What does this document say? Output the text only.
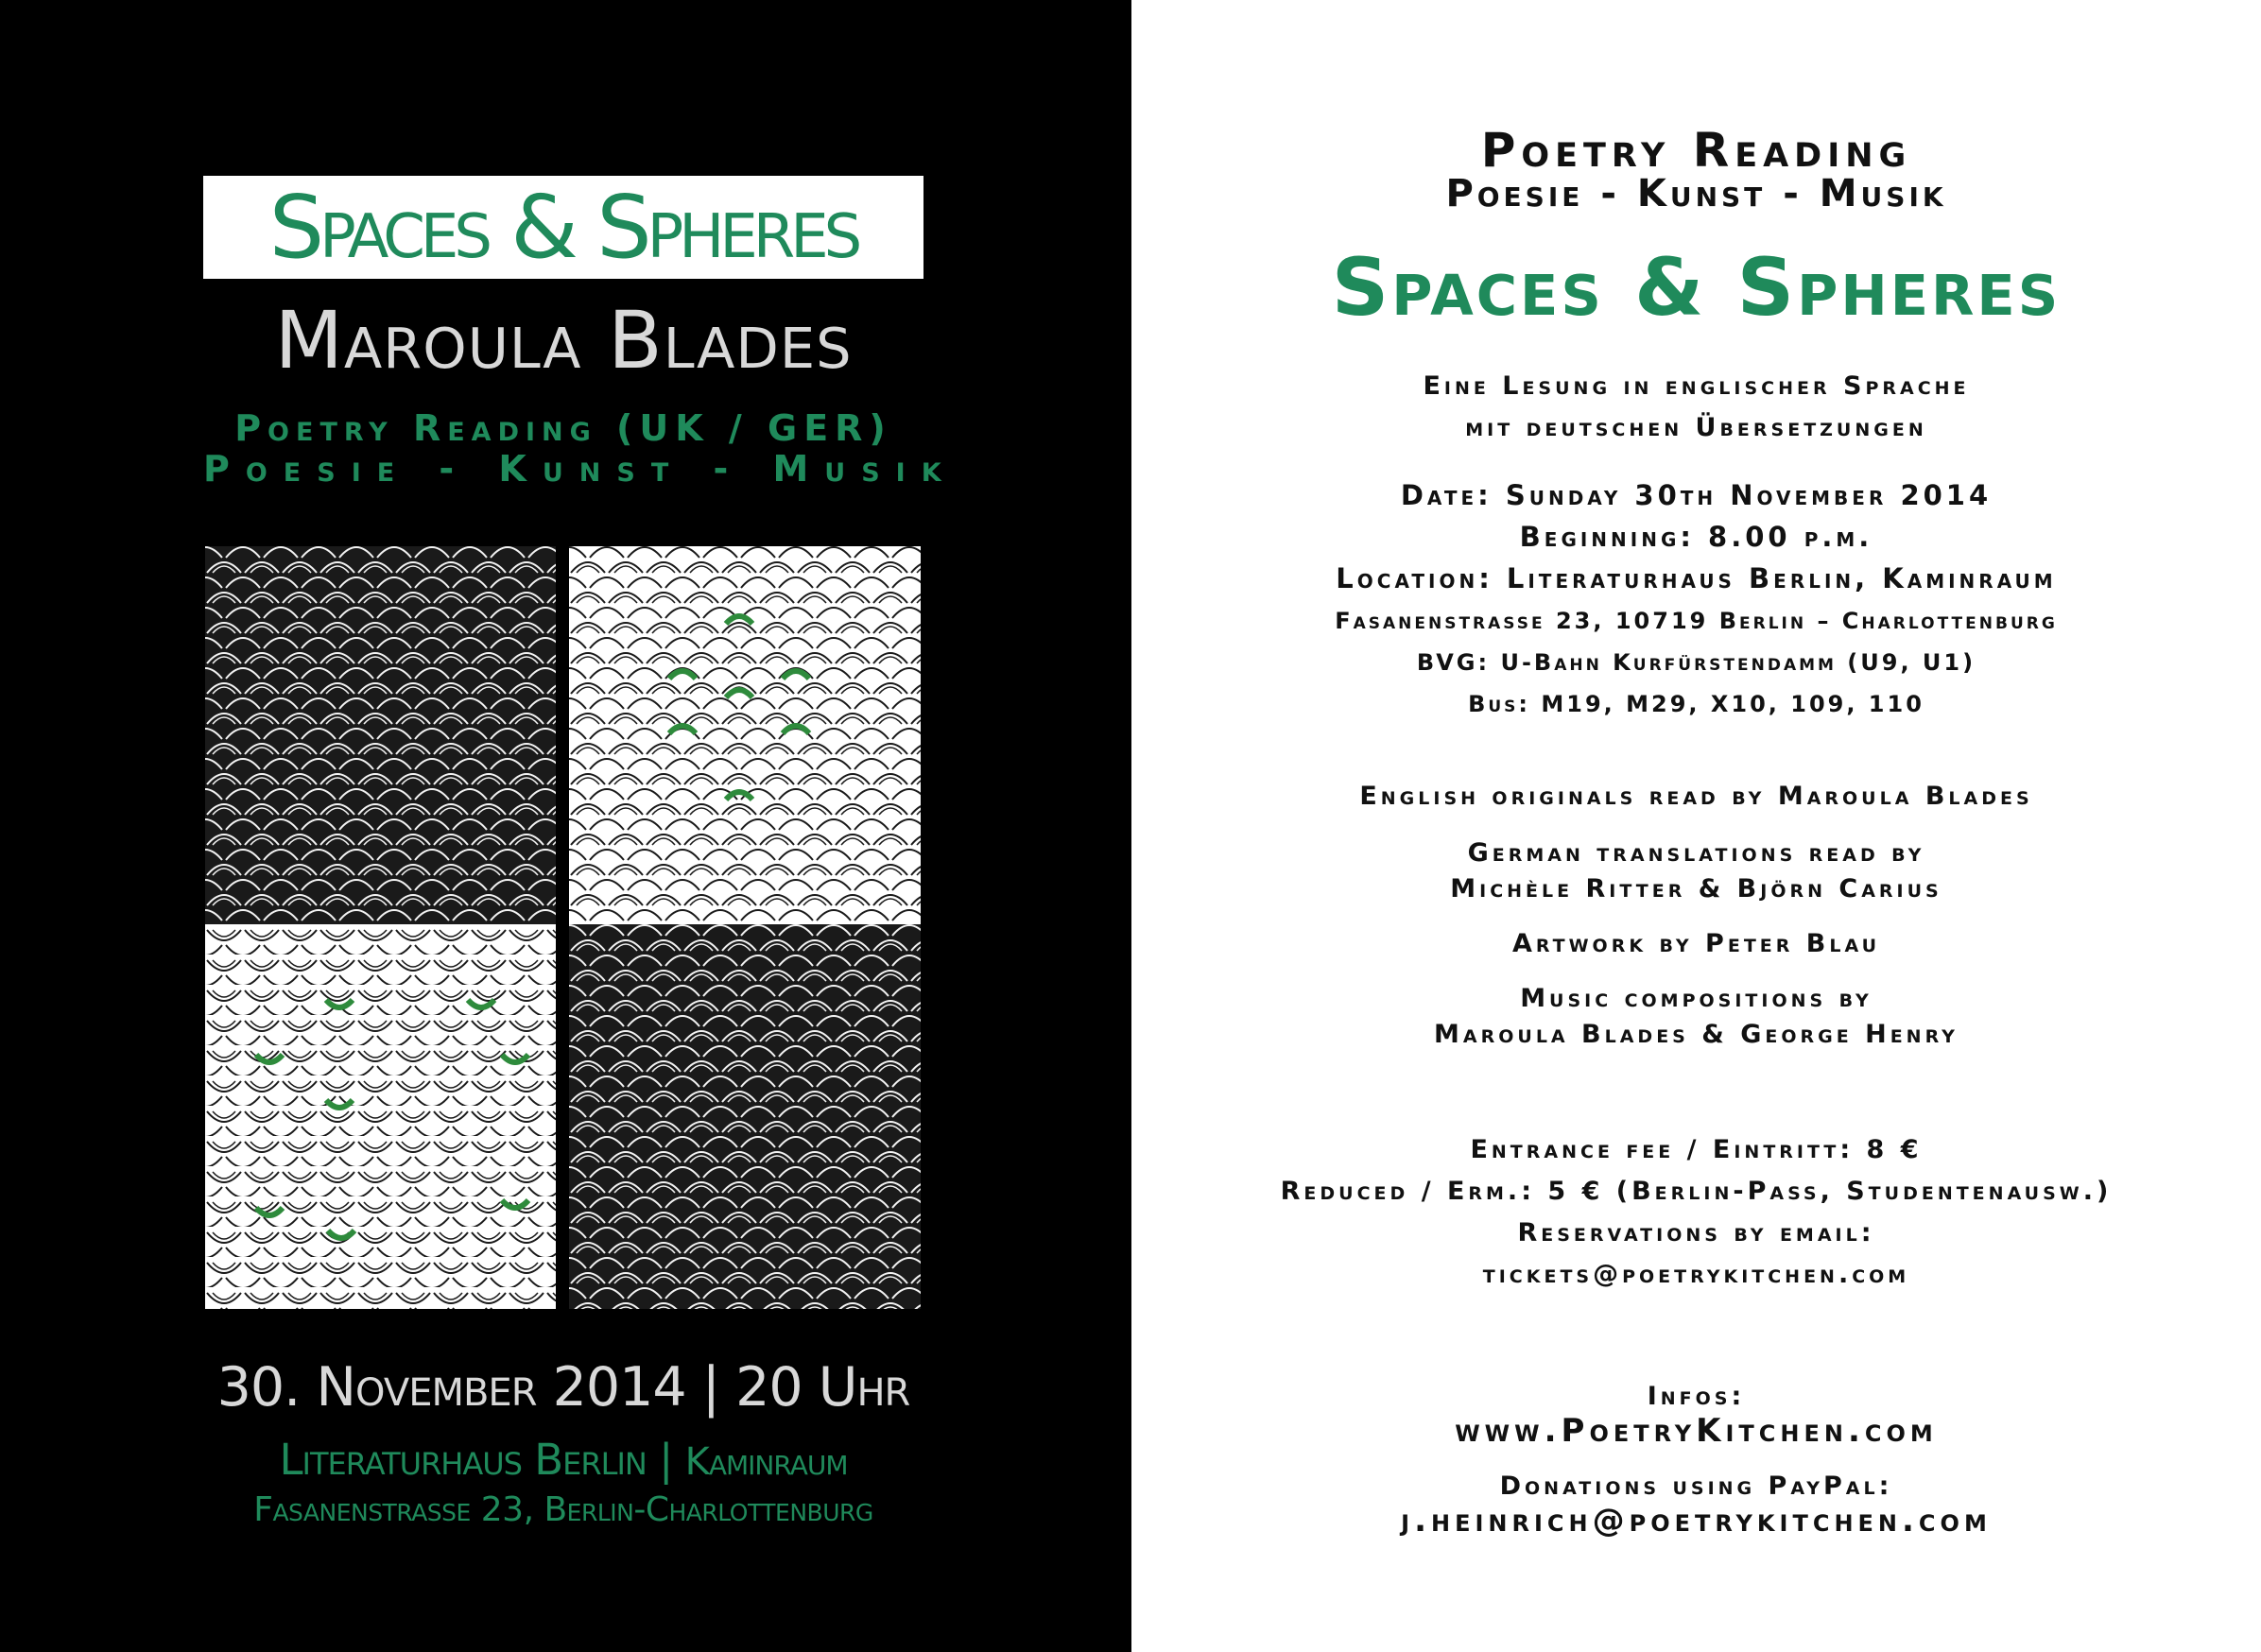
Spaces & Spheres
Maroula Blades
Poetry Reading (UK / GER)
Poesie - Kunst - Musik
30. November 2014 | 20 Uhr
Literaturhaus Berlin | Kaminraum
Fasanenstrasse 23, Berlin-Charlottenburg
Poetry Reading
Poesie - Kunst - Musik
Spaces & Spheres
Eine Lesung in englischer Sprache
mit deutschen Übersetzungen
Date: Sunday 30th November 2014
Beginning: 8.00 p.m.
Location: Literaturhaus Berlin, Kaminraum
Fasanenstrasse 23, 10719 Berlin – Charlottenburg
BVG: U-Bahn Kurfürstendamm (U9, U1)
Bus: M19, M29, X10, 109, 110
English originals read by Maroula Blades
German translations read by
Michèle Ritter & Björn Carius
Artwork by Peter Blau
Music compositions by
Maroula Blades & George Henry
Entrance fee / Eintritt: 8 €
Reduced / Erm.: 5 € (Berlin-Pass, Studentenausw.)
Reservations by email:
tickets@poetrykitchen.com
Infos:
www.PoetryKitchen.com
Donations using PayPal:
j.heinrich@poetrykitchen.com
